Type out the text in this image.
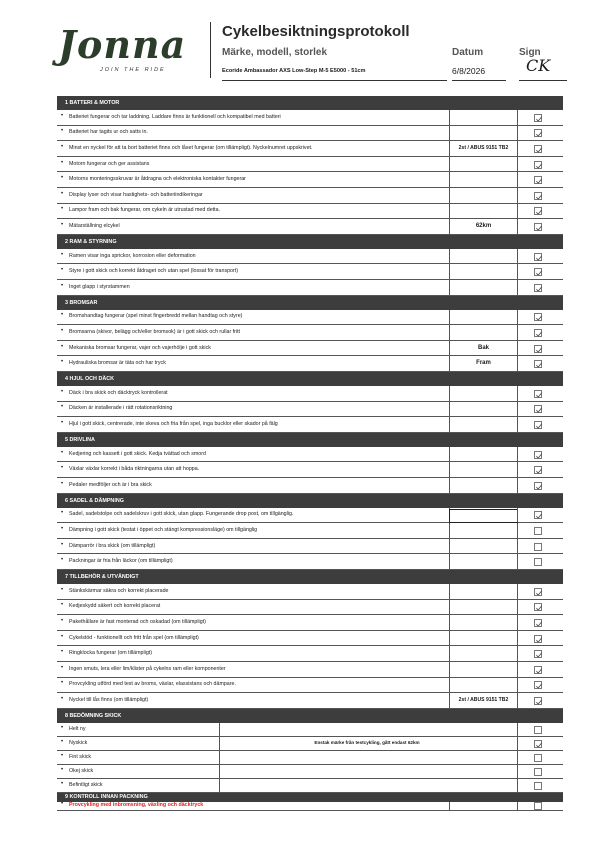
Jonna
JOIN THE RIDE
Cykelbesiktningsprotokoll
Märke, modell, storlek	Datum	Sign
Ecoride Ambassador AXS Low-Step M-5 E5000 - 51cm	6/8/2026	CK
1 BATTERI & MOTOR
• Batteriet fungerar och tar laddning. Laddare finns är funktionell och kompatibel med batteri
• Batteriet har tagits ur och satts in.
• Minst en nyckel för att ta bort batteriet finns och låset fungerar (om tillämpligt). Nyckelnumret uppskrivet.	2st / ABUS 9151 TB2
• Motorn fungerar och ger assistans
• Motorns monteringsskruvar är åtdragna och elektroniska kontakter fungerar
• Display lyser och visar hastighets- och batteriindikeringar
• Lampor fram och bak fungerar, om cykeln är utrustad med detta.
• Mätarställning elcykel	62km
2 RAM & STYRNING
• Ramen visar inga sprickor, korrosion eller deformation
• Styre i gott skick och korrekt åtdraget och utan spel (lossat för transport)
• Inget glapp i styrstammen
3 BROMSAR
• Bromshandtag fungerar (spel minst fingerbredd mellan handtag och styre)
• Bromsarna (skivor, belägg och/eller bromsok) är i gott skick och rullar fritt
• Mekaniska bromsar fungerar, vajer och vajerhölje i gott skick	Bak
• Hydrauliska bromsar är täta och har tryck	Fram
4 HJUL OCH DÄCK
• Däck i bra skick och däcktryck kontrollerat
• Däcken är installerade i rätt rotationsriktning
• Hjul i gott skick, centrerade, inte skeva och fria från spel, inga bucklor eller skador på fälg
5 DRIVLINA
• Kedjering och kassett i gott skick. Kedja tvättad och smord
• Växlar växlar korrekt i båda riktningarna utan att hoppa.
• Pedaler medföljer och är i bra skick
6 SADEL & DÄMPNING
• Sadel, sadelstolpe och sadelskruv i gott skick, utan glapp. Fungerande drop post, om tillgänglig.
• Dämpning i gott skick (testat i öppet och stängt kompressionsläge) om tillgänglig
• Dämparrör i bra skick (om tillämpligt)
• Packningar är fria från läckor (om tillämpligt)
7 TILLBEHÖR & UTVÄNDIGT
• Stänkskärmar säkra och korrekt placerade
• Kedjeskydd säkert och korrekt placerat
• Pakethållare är fast monterad och oskadad (om tillämpligt)
• Cykelstöd - funktionellt och fritt från spel (om tillämpligt)
• Ringklocka fungerar (om tillämpligt)
• Ingen smuts, lera eller lim/klister på cykelns ram eller komponenter
• Provcykling utförd med test av broms, växlar, elassistans och dämpare.
• Nyckel till lås finns (om tillämpligt)	2st / ABUS 9151 TB2
8 BEDÖMNING SKICK
• Helt ny
• Nyskick	Enstak märke från testcykling, gått endast 62km
• Fint skick
• Okej skick
• Befintligt skick
9 KONTROLL INNAN PACKNING
• Provcykling med inbromsning, växling och däcktryck
